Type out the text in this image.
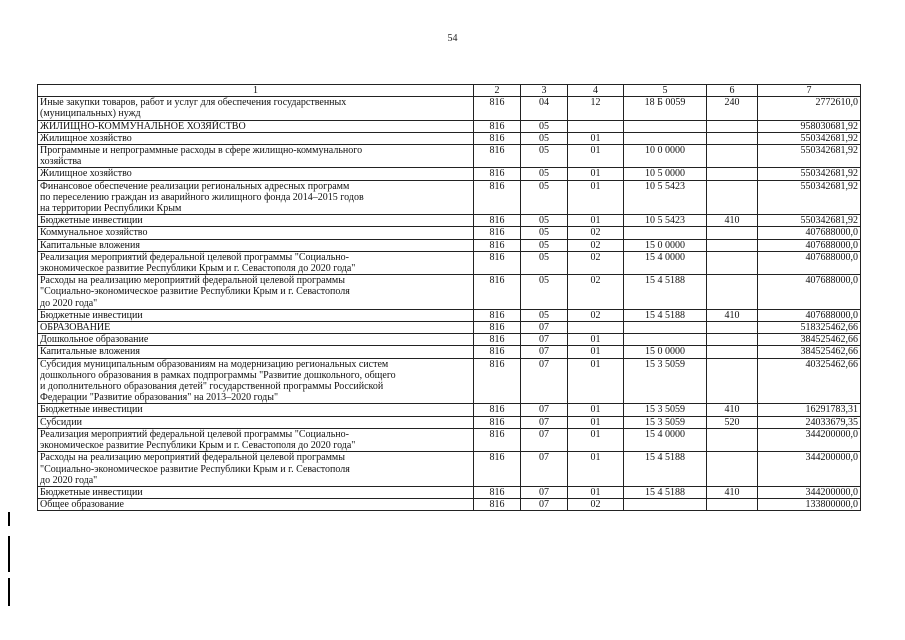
54
1	2	3	4	5	6	7
Иные закупки товаров, работ и услуг для обеспечения государственных
(муниципальных) нужд	816	04	12	18 Б 0059	240	2772610,0
ЖИЛИЩНО-КОММУНАЛЬНОЕ ХОЗЯЙСТВО	816	05				958030681,92
Жилищное хозяйство	816	05	01			550342681,92
Программные и непрограммные расходы в сфере жилищно-коммунального
хозяйства	816	05	01	10 0 0000		550342681,92
Жилищное хозяйство	816	05	01	10 5 0000		550342681,92
Финансовое обеспечение реализации региональных адресных программ
по переселению граждан из аварийного жилищного фонда 2014–2015 годов
на территории Республики Крым	816	05	01	10 5 5423		550342681,92
Бюджетные инвестиции	816	05	01	10 5 5423	410	550342681,92
Коммунальное хозяйство	816	05	02			407688000,0
Капитальные вложения	816	05	02	15 0 0000		407688000,0
Реализация мероприятий федеральной целевой программы "Социально-
экономическое развитие Республики Крым и г. Севастополя до 2020 года"	816	05	02	15 4 0000		407688000,0
Расходы на реализацию мероприятий федеральной целевой программы
"Социально-экономическое развитие Республики Крым и г. Севастополя
до 2020 года"	816	05	02	15 4 5188		407688000,0
Бюджетные инвестиции	816	05	02	15 4 5188	410	407688000,0
ОБРАЗОВАНИЕ	816	07				518325462,66
Дошкольное образование	816	07	01			384525462,66
Капитальные вложения	816	07	01	15 0 0000		384525462,66
Субсидия муниципальным образованиям на модернизацию региональных систем
дошкольного образования в рамках подпрограммы "Развитие дошкольного, общего
и дополнительного образования детей" государственной программы Российской
Федерации "Развитие образования" на 2013–2020 годы"	816	07	01	15 3 5059		40325462,66
Бюджетные инвестиции	816	07	01	15 3 5059	410	16291783,31
Субсидии	816	07	01	15 3 5059	520	24033679,35
Реализация мероприятий федеральной целевой программы "Социально-
экономическое развитие Республики Крым и г. Севастополя до 2020 года"	816	07	01	15 4 0000		344200000,0
Расходы на реализацию мероприятий федеральной целевой программы
"Социально-экономическое развитие Республики Крым и г. Севастополя
до 2020 года"	816	07	01	15 4 5188		344200000,0
Бюджетные инвестиции	816	07	01	15 4 5188	410	344200000,0
Общее образование	816	07	02			133800000,0
